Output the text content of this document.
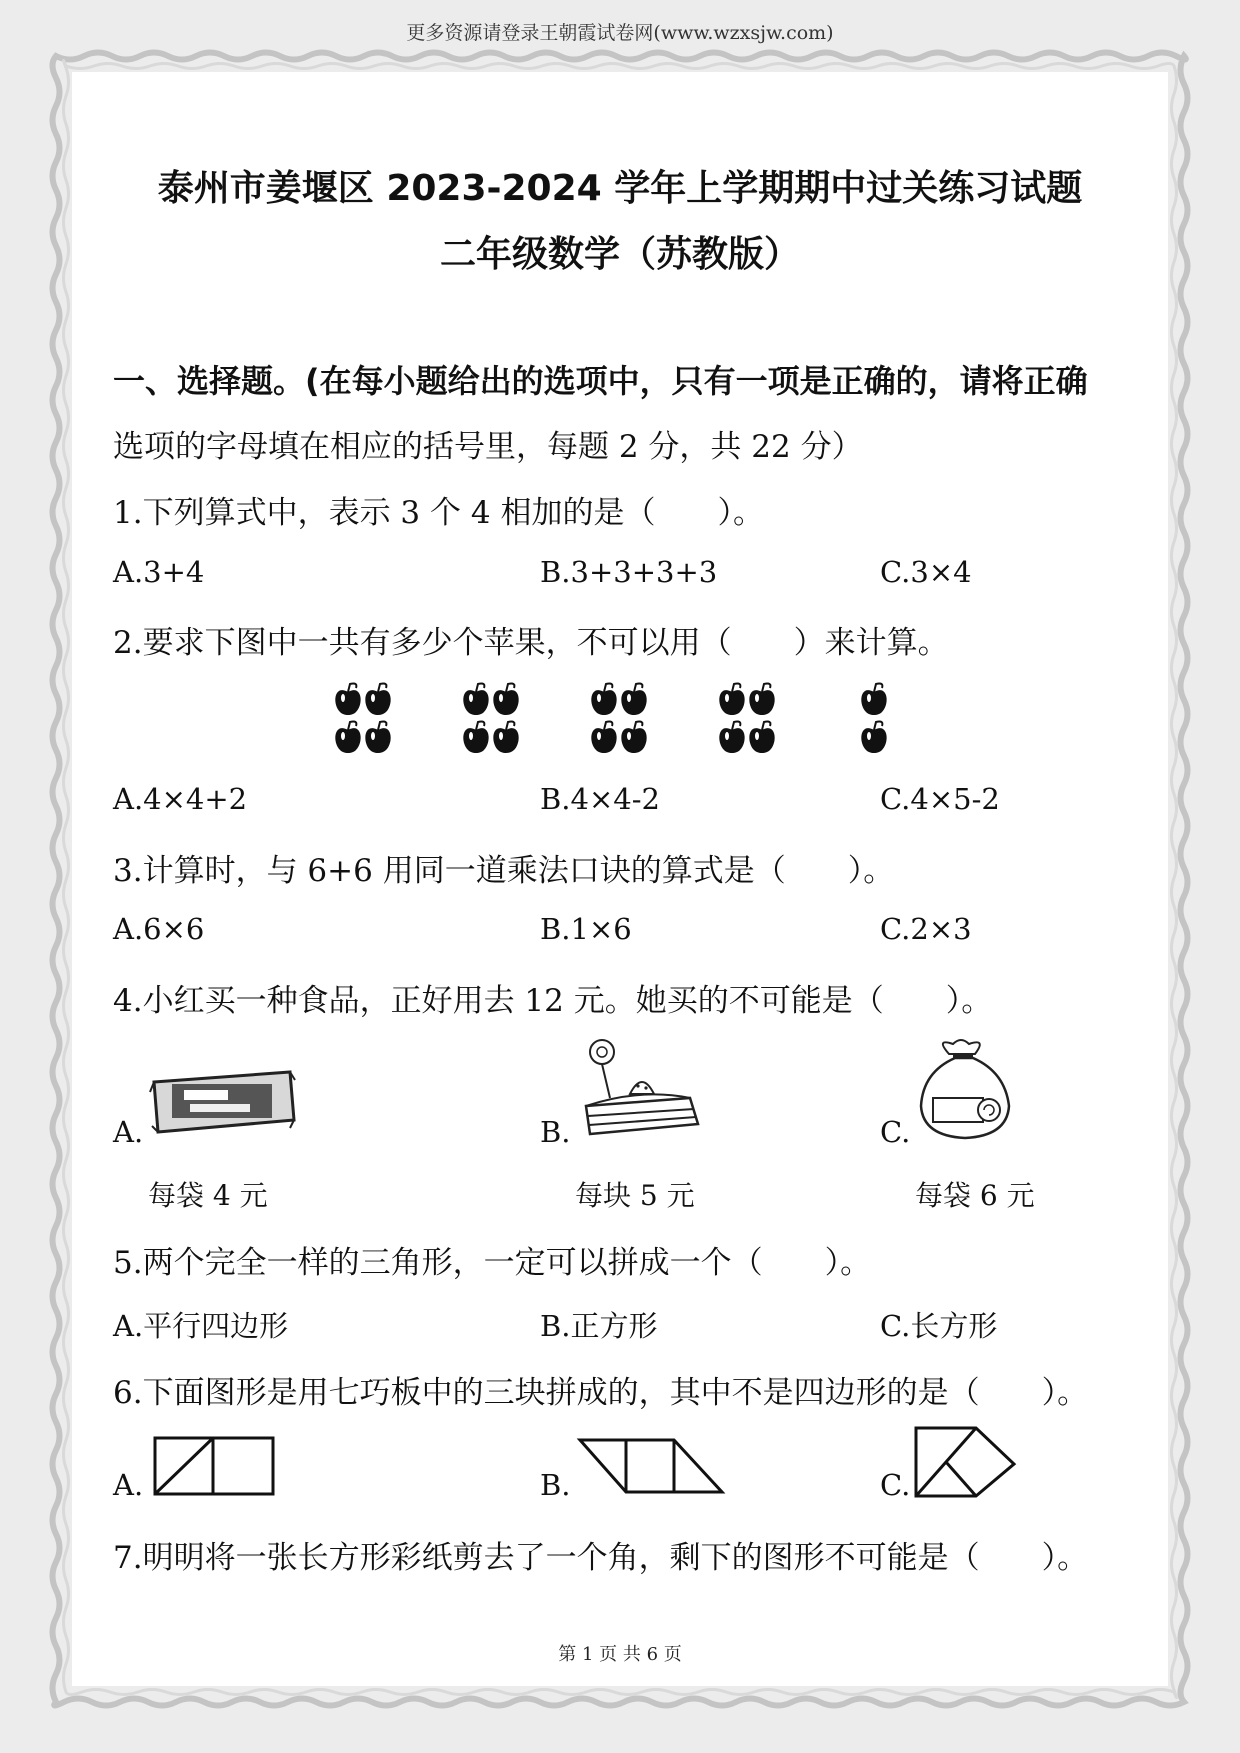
更多资源请登录王朝霞试卷网(www.wzxsjw.com)
泰州市姜堰区 2023-2024 学年上学期期中过关练习试题
二年级数学（苏教版）
一、选择题。(在每小题给出的选项中，只有一项是正确的，请将正确
选项的字母填在相应的括号里，每题 2 分，共 22 分）
1.下列算式中，表示 3 个 4 相加的是（　　）。
A.3+4	B.3+3+3+3	C.3×4
2.要求下图中一共有多少个苹果，不可以用（　　）来计算。
A.4×4+2	B.4×4-2	C.4×5-2
3.计算时，与 6+6 用同一道乘法口诀的算式是（　　）。
A.6×6	B.1×6	C.2×3
4.小红买一种食品，正好用去 12 元。她买的不可能是（　　）。
A.	B.	C.
每袋 4 元	每块 5 元	每袋 6 元
5.两个完全一样的三角形，一定可以拼成一个（　　）。
A.平行四边形	B.正方形	C.长方形
6.下面图形是用七巧板中的三块拼成的，其中不是四边形的是（　　）。
A.	B.	C.
7.明明将一张长方形彩纸剪去了一个角，剩下的图形不可能是（　　）。
第 1 页 共 6 页
